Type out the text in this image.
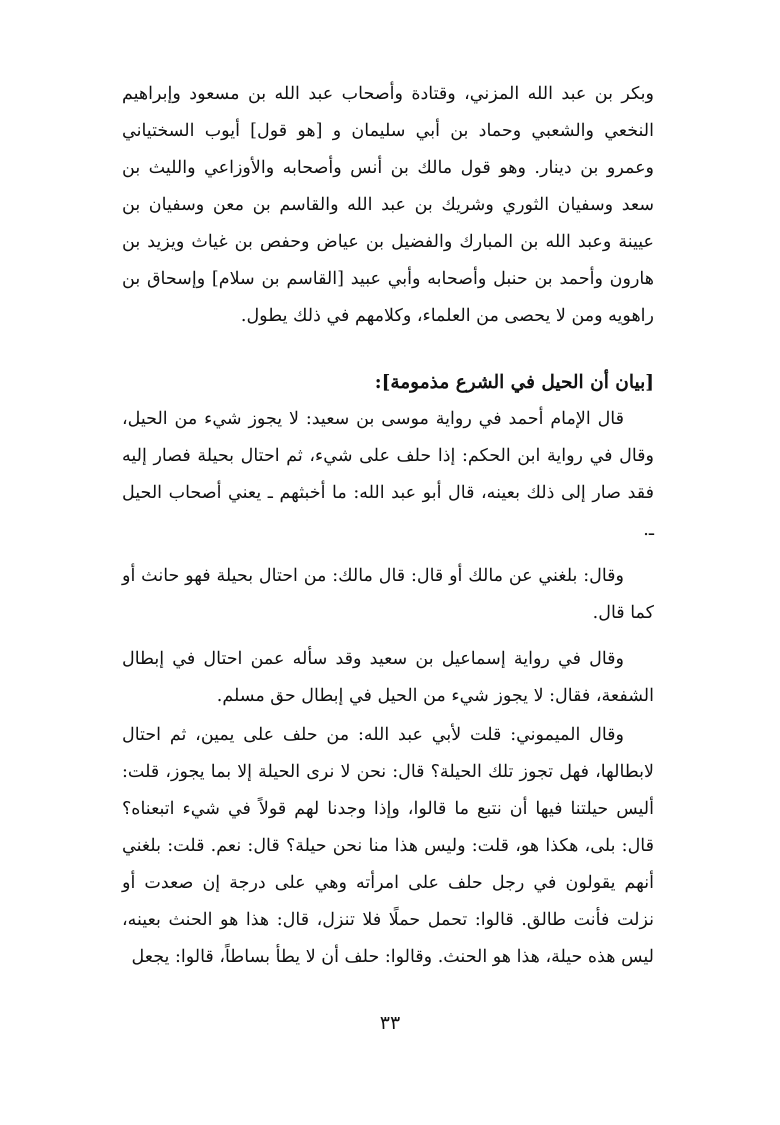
وبكر بن عبد الله المزني، وقتادة وأصحاب عبد الله بن مسعود وإبراهيم النخعي والشعبي وحماد بن أبي سليمان و [هو قول] أيوب السختياني وعمرو بن دينار. وهو قول مالك بن أنس وأصحابه والأوزاعي والليث بن سعد وسفيان الثوري وشريك بن عبد الله والقاسم بن معن وسفيان بن عيينة وعبد الله بن المبارك والفضيل بن عياض وحفص بن غياث ويزيد بن هارون وأحمد بن حنبل وأصحابه وأبي عبيد [القاسم بن سلام] وإسحاق بن راهويه ومن لا يحصى من العلماء، وكلامهم في ذلك يطول.

[بيان أن الحيل في الشرع مذمومة]:

قال الإمام أحمد في رواية موسى بن سعيد: لا يجوز شيء من الحيل، وقال في رواية ابن الحكم: إذا حلف على شيء، ثم احتال بحيلة فصار إليه فقد صار إلى ذلك بعينه، قال أبو عبد الله: ما أخبثهم ـ يعني أصحاب الحيل ـ.

وقال: بلغني عن مالك أو قال: قال مالك: من احتال بحيلة فهو حانث أو كما قال.

وقال في رواية إسماعيل بن سعيد وقد سأله عمن احتال في إبطال الشفعة، فقال: لا يجوز شيء من الحيل في إبطال حق مسلم.

وقال الميموني: قلت لأبي عبد الله: من حلف على يمين، ثم احتال لابطالها، فهل تجوز تلك الحيلة؟ قال: نحن لا نرى الحيلة إلا بما يجوز، قلت: أليس حيلتنا فيها أن نتبع ما قالوا، وإذا وجدنا لهم قولاً في شيء اتبعناه؟ قال: بلى، هكذا هو، قلت: وليس هذا منا نحن حيلة؟ قال: نعم. قلت: بلغني أنهم يقولون في رجل حلف على امرأته وهي على درجة إن صعدت أو نزلت فأنت طالق. قالوا: تحمل حملًا فلا تنزل، قال: هذا هو الحنث بعينه، ليس هذه حيلة، هذا هو الحنث. وقالوا: حلف أن لا يطأ بساطاً، قالوا: يجعل

٣٣
